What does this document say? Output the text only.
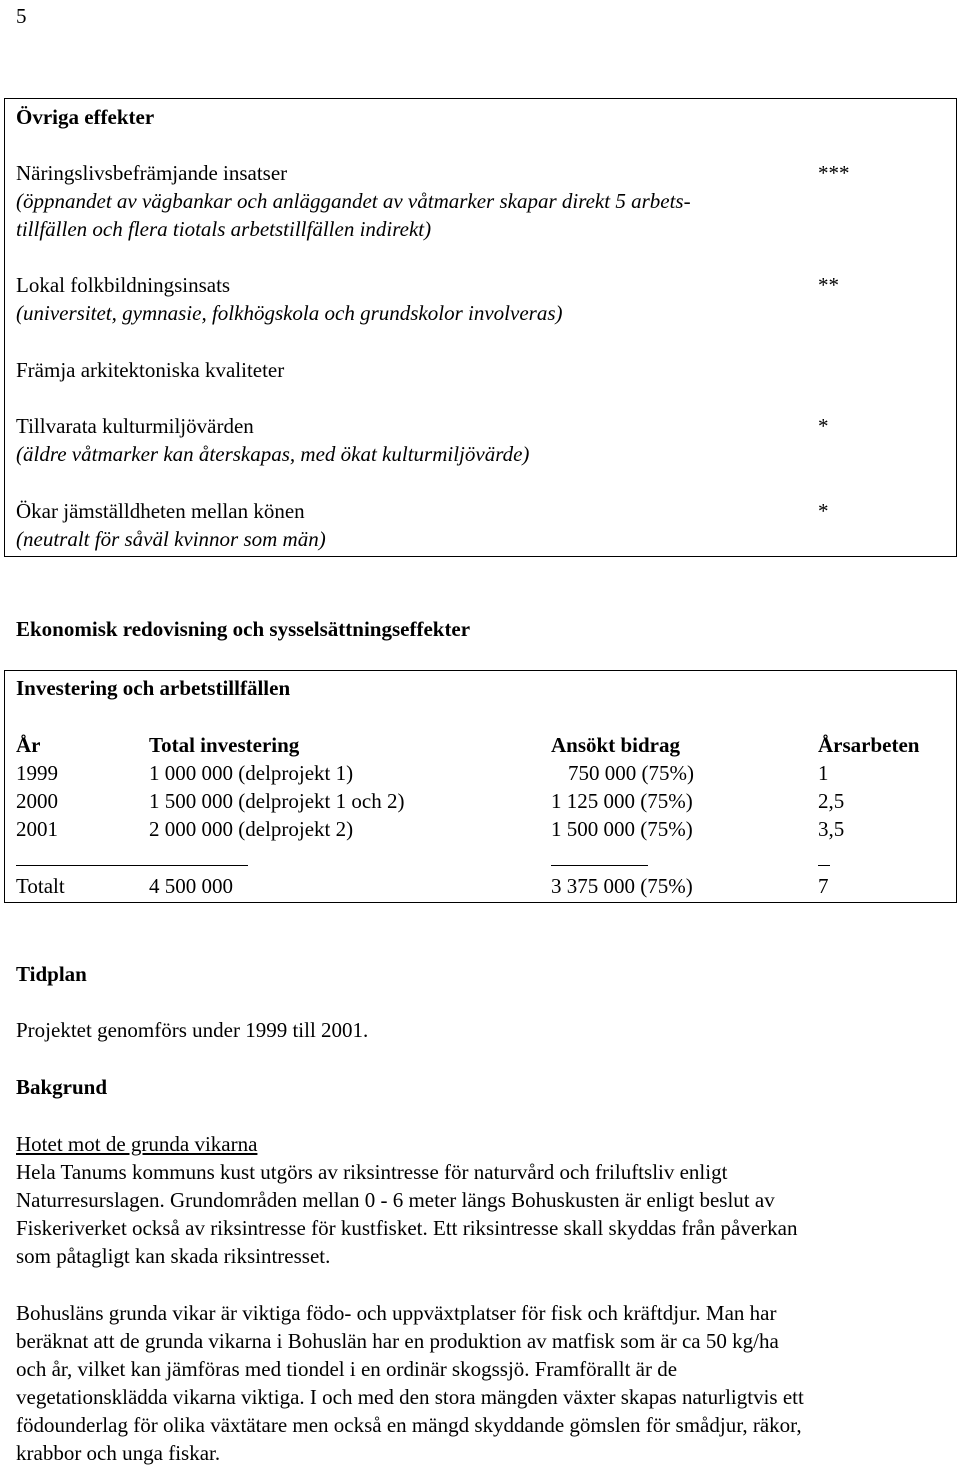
5
Övriga effekter
Näringslivsbefrämjande insatser	***
(öppnandet av vägbankar och anläggandet av våtmarker skapar direkt 5 arbets-
tillfällen och flera tiotals arbetstillfällen indirekt)
Lokal folkbildningsinsats	**
(universitet, gymnasie, folkhögskola och grundskolor involveras)
Främja arkitektoniska kvaliteter
Tillvarata kulturmiljövärden	*
(äldre våtmarker kan återskapas, med ökat kulturmiljövärde)
Ökar jämställdheten mellan könen	*
(neutralt för såväl kvinnor som män)
Ekonomisk redovisning och sysselsättningseffekter
Investering och arbetstillfällen
År	Total investering	Ansökt bidrag	Årsarbeten
1999	1 000 000 (delprojekt 1)	750 000 (75%)	1
2000	1 500 000 (delprojekt 1 och 2)	1 125 000 (75%)	2,5
2001	2 000 000 (delprojekt 2)	1 500 000 (75%)	3,5
Totalt	4 500 000	3 375 000 (75%)	7
Tidplan
Projektet genomförs under 1999 till 2001.
Bakgrund
Hotet mot de grunda vikarna
Hela Tanums kommuns kust utgörs av riksintresse för naturvård och friluftsliv enligt
Naturresurslagen. Grundområden mellan 0 - 6 meter längs Bohuskusten är enligt beslut av
Fiskeriverket också av riksintresse för kustfisket. Ett riksintresse skall skyddas från påverkan
som påtagligt kan skada riksintresset.
Bohusläns grunda vikar är viktiga födo- och uppväxtplatser för fisk och kräftdjur. Man har
beräknat att de grunda vikarna i Bohuslän har en produktion av matfisk som är ca 50 kg/ha
och år, vilket kan jämföras med tiondel i en ordinär skogssjö. Framförallt är de
vegetationsklädda vikarna viktiga. I och med den stora mängden växter skapas naturligtvis ett
födounderlag för olika växtätare men också en mängd skyddande gömslen för smådjur, räkor,
krabbor och unga fiskar.
